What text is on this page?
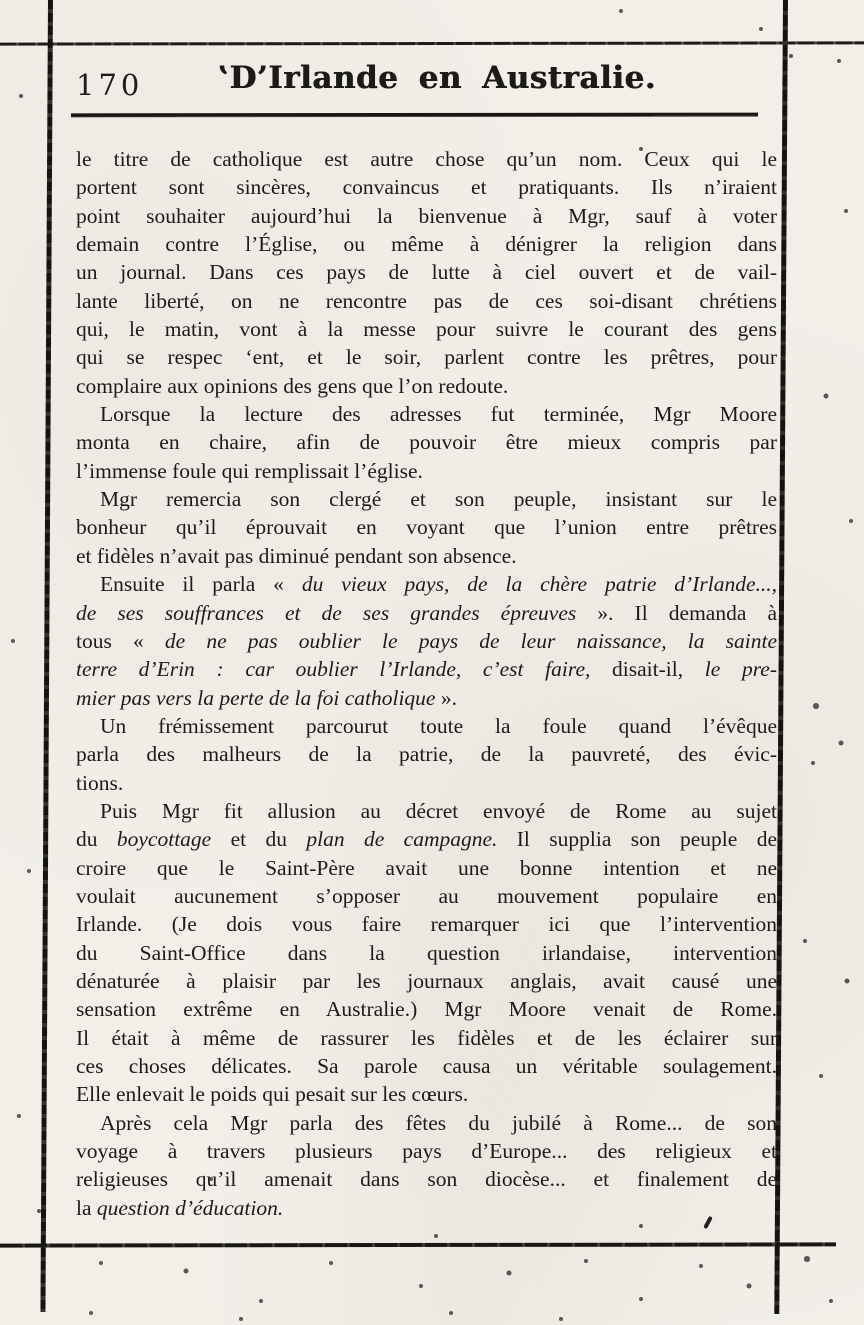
170	‛D’Irlande en Australie.
le titre de catholique est autre chose qu’un nom. Ceux qui le
portent sont sincères, convaincus et pratiquants. Ils n’iraient
point souhaiter aujourd’hui la bienvenue à Mgr, sauf à voter
demain contre l’Église, ou même à dénigrer la religion dans
un journal. Dans ces pays de lutte à ciel ouvert et de vail-
lante liberté, on ne rencontre pas de ces soi-disant chrétiens
qui, le matin, vont à la messe pour suivre le courant des gens
qui se respec ‘ent, et le soir, parlent contre les prêtres, pour
complaire aux opinions des gens que l’on redoute.
Lorsque la lecture des adresses fut terminée, Mgr Moore
monta en chaire, afin de pouvoir être mieux compris par
l’immense foule qui remplissait l’église.
Mgr remercia son clergé et son peuple, insistant sur le
bonheur qu’il éprouvait en voyant que l’union entre prêtres
et fidèles n’avait pas diminué pendant son absence.
Ensuite il parla « du vieux pays, de la chère patrie d’Irlande...,
de ses souffrances et de ses grandes épreuves ». Il demanda à
tous « de ne pas oublier le pays de leur naissance, la sainte
terre d’Erin : car oublier l’Irlande, c’est faire, disait-il, le pre-
mier pas vers la perte de la foi catholique ».
Un frémissement parcourut toute la foule quand l’évêque
parla des malheurs de la patrie, de la pauvreté, des évic-
tions.
Puis Mgr fit allusion au décret envoyé de Rome au sujet
du boycottage et du plan de campagne. Il supplia son peuple de
croire que le Saint-Père avait une bonne intention et ne
voulait aucunement s’opposer au mouvement populaire en
Irlande. (Je dois vous faire remarquer ici que l’intervention
du Saint-Office dans la question irlandaise, intervention
dénaturée à plaisir par les journaux anglais, avait causé une
sensation extrême en Australie.) Mgr Moore venait de Rome.
Il était à même de rassurer les fidèles et de les éclairer sur
ces choses délicates. Sa parole causa un véritable soulagement.
Elle enlevait le poids qui pesait sur les cœurs.
Après cela Mgr parla des fêtes du jubilé à Rome... de son
voyage à travers plusieurs pays d’Europe... des religieux et
religieuses qu’il amenait dans son diocèse... et finalement de
la question d’éducation.
